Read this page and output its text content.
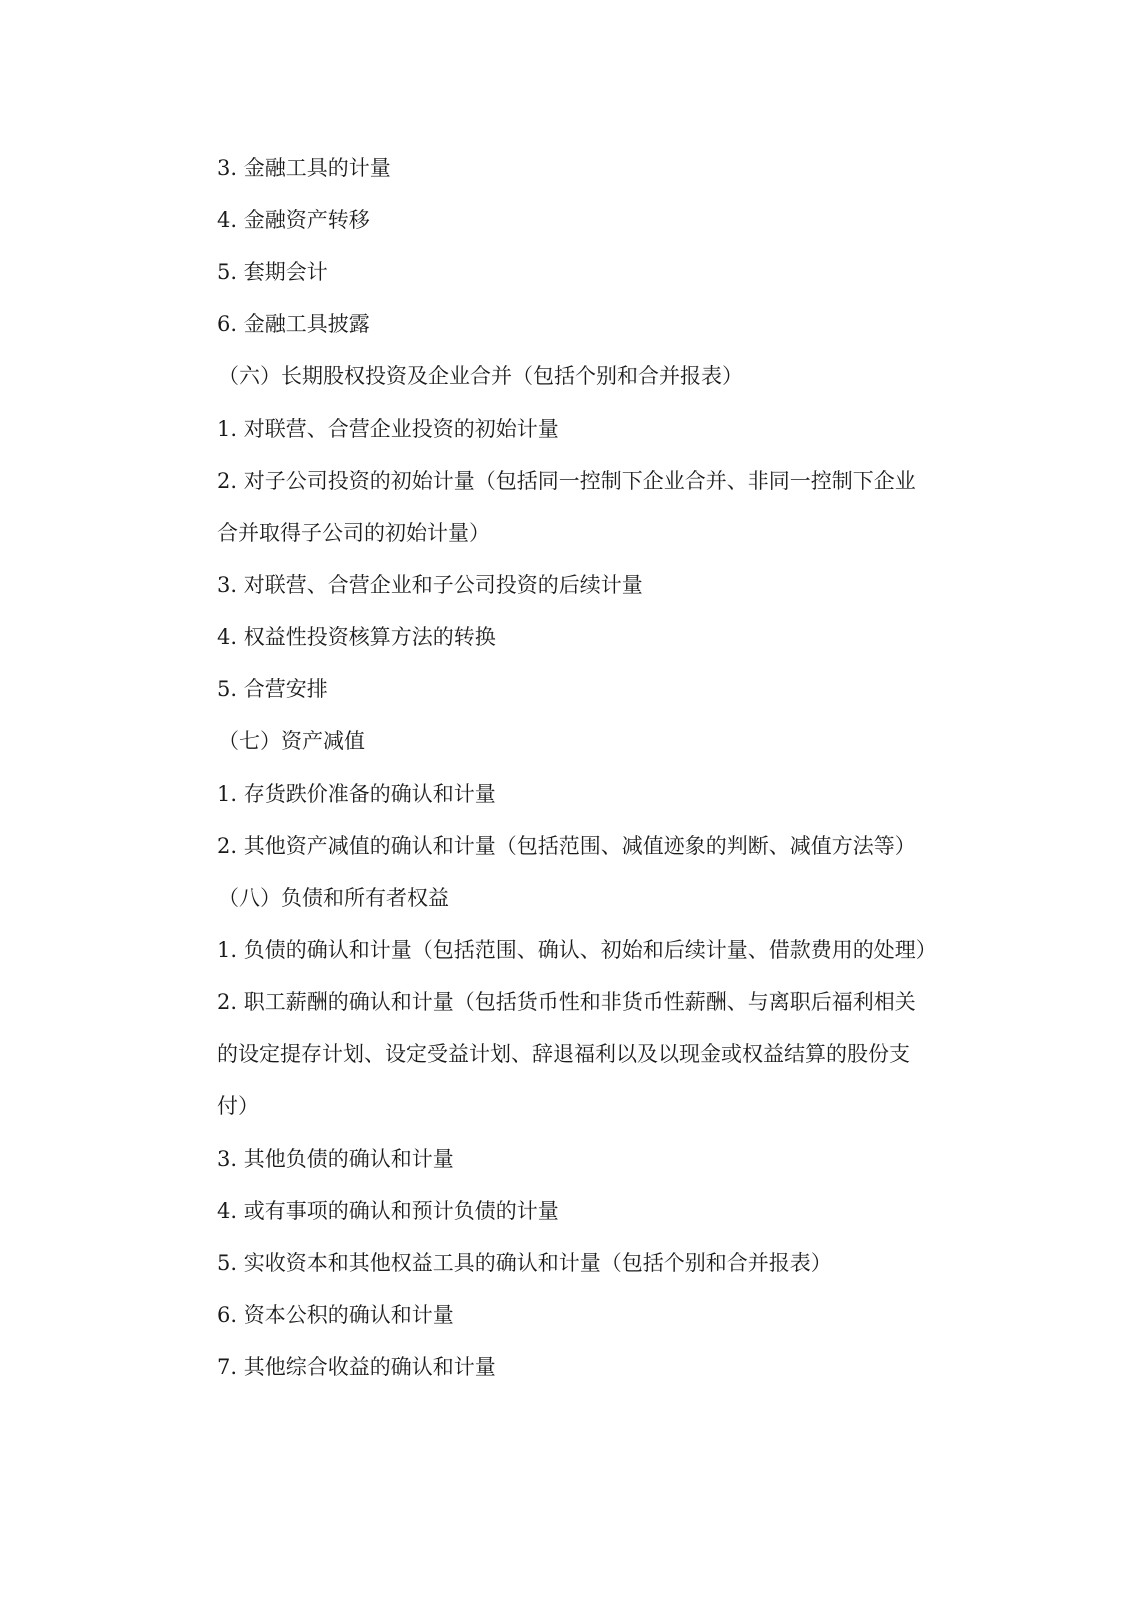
3. 金融工具的计量
4. 金融资产转移
5. 套期会计
6. 金融工具披露
（六）长期股权投资及企业合并（包括个别和合并报表）
1. 对联营、合营企业投资的初始计量
2. 对子公司投资的初始计量（包括同一控制下企业合并、非同一控制下企业
合并取得子公司的初始计量）
3. 对联营、合营企业和子公司投资的后续计量
4. 权益性投资核算方法的转换
5. 合营安排
（七）资产减值
1. 存货跌价准备的确认和计量
2. 其他资产减值的确认和计量（包括范围、减值迹象的判断、减值方法等）
（八）负债和所有者权益
1. 负债的确认和计量（包括范围、确认、初始和后续计量、借款费用的处理）
2. 职工薪酬的确认和计量（包括货币性和非货币性薪酬、与离职后福利相关
的设定提存计划、设定受益计划、辞退福利以及以现金或权益结算的股份支
付）
3. 其他负债的确认和计量
4. 或有事项的确认和预计负债的计量
5. 实收资本和其他权益工具的确认和计量（包括个别和合并报表）
6. 资本公积的确认和计量
7. 其他综合收益的确认和计量
